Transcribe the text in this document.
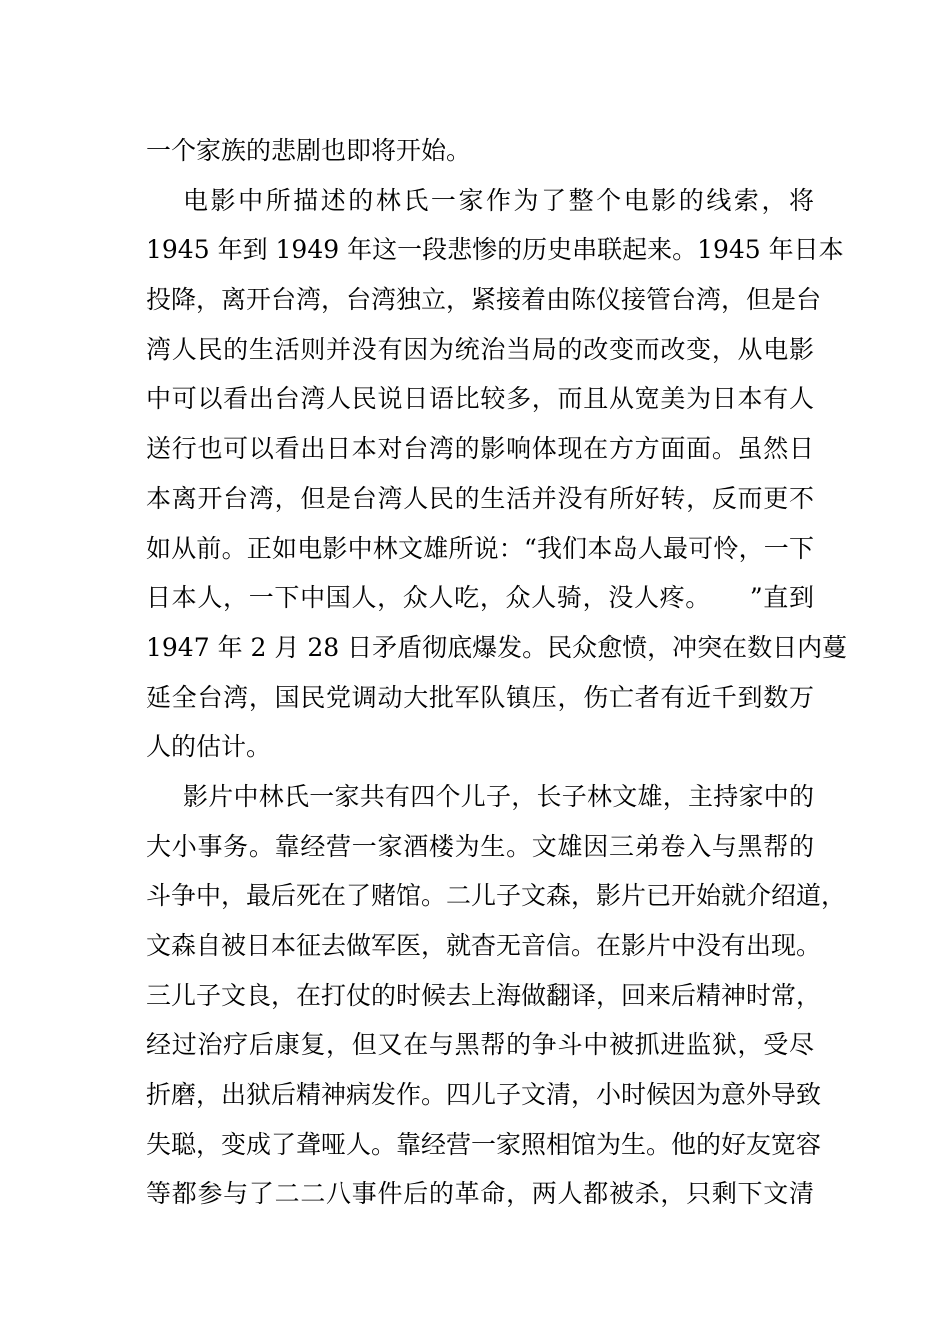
一个家族的悲剧也即将开始。
电影中所描述的林氏一家作为了整个电影的线索，将
1945 年到 1949 年这一段悲惨的历史串联起来。1945 年日本
投降，离开台湾，台湾独立，紧接着由陈仪接管台湾，但是台
湾人民的生活则并没有因为统治当局的改变而改变，从电影
中可以看出台湾人民说日语比较多，而且从宽美为日本有人
送行也可以看出日本对台湾的影响体现在方方面面。虽然日
本离开台湾，但是台湾人民的生活并没有所好转，反而更不
如从前。正如电影中林文雄所说：“我们本岛人最可怜，一下
日本人，一下中国人，众人吃，众人骑，没人疼。　　”直到
1947 年 2 月 28 日矛盾彻底爆发。民众愈愤，冲突在数日内蔓
延全台湾，国民党调动大批军队镇压，伤亡者有近千到数万
人的估计。
影片中林氏一家共有四个儿子，长子林文雄，主持家中的
大小事务。靠经营一家酒楼为生。文雄因三弟卷入与黑帮的
斗争中，最后死在了赌馆。二儿子文森，影片已开始就介绍道，
文森自被日本征去做军医，就杳无音信。在影片中没有出现。
三儿子文良，在打仗的时候去上海做翻译，回来后精神时常，
经过治疗后康复，但又在与黑帮的争斗中被抓进监狱，受尽
折磨，出狱后精神病发作。四儿子文清，小时候因为意外导致
失聪，变成了聋哑人。靠经营一家照相馆为生。他的好友宽容
等都参与了二二八事件后的革命，两人都被杀，只剩下文清
